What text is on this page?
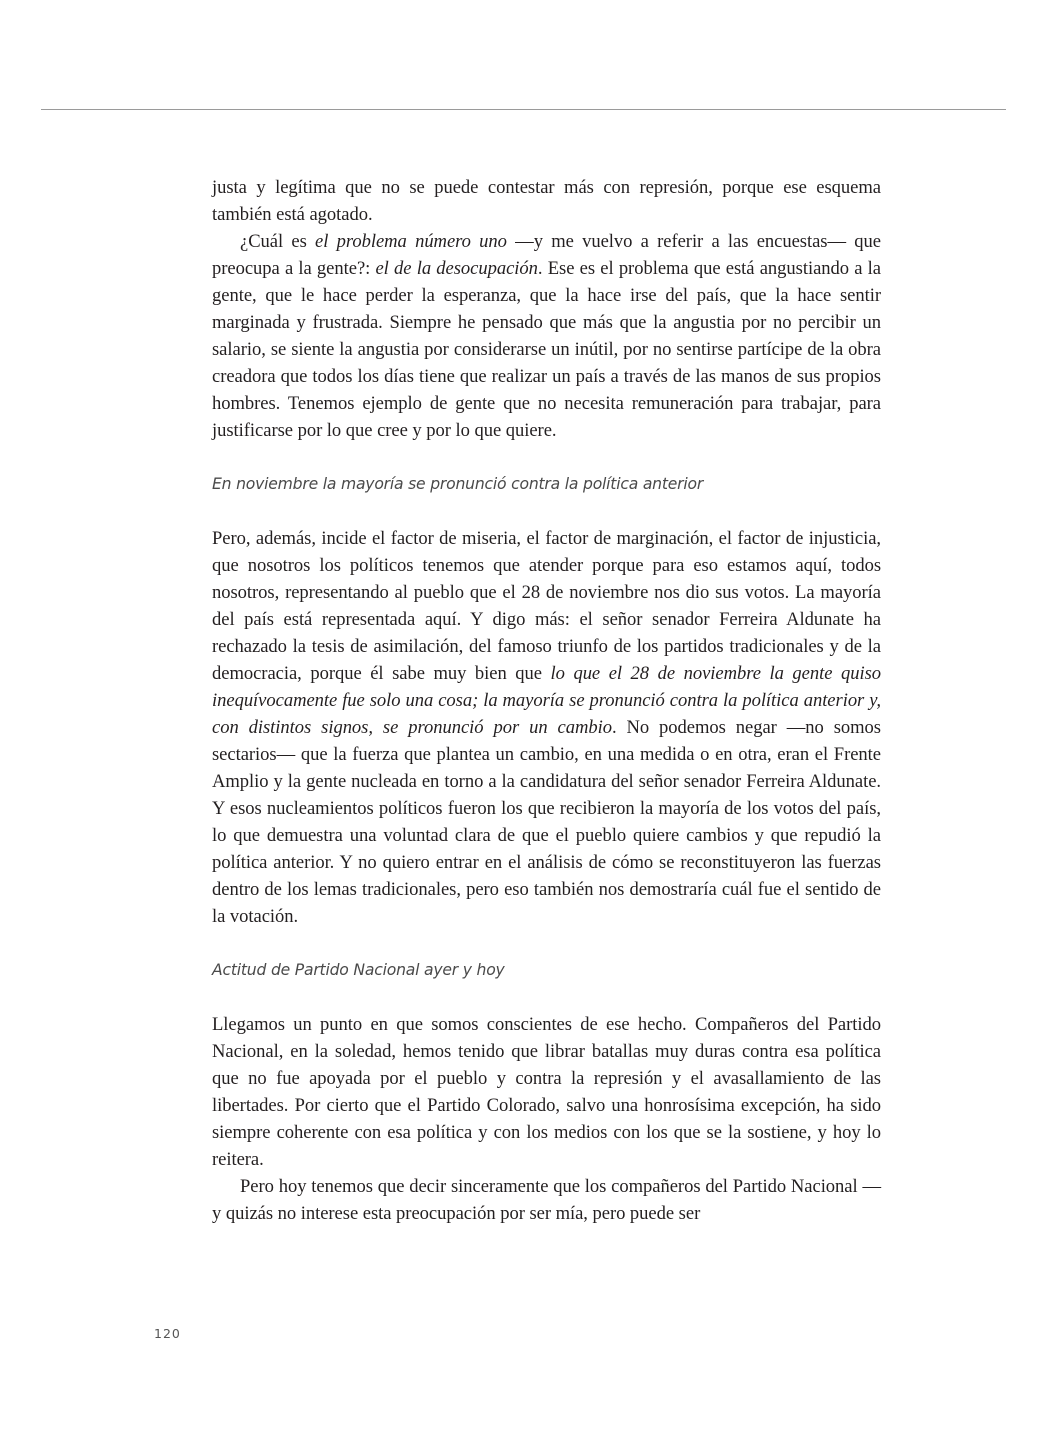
justa y legítima que no se puede contestar más con represión, porque ese esquema también está agotado.

¿Cuál es el problema número uno —y me vuelvo a referir a las encuestas— que preocupa a la gente?: el de la desocupación. Ese es el problema que está angustiando a la gente, que le hace perder la esperanza, que la hace irse del país, que la hace sentir marginada y frustrada. Siempre he pensado que más que la angustia por no percibir un salario, se siente la angustia por considerarse un inútil, por no sentirse partícipe de la obra creadora que todos los días tiene que realizar un país a través de las manos de sus propios hombres. Tenemos ejemplo de gente que no necesita remuneración para trabajar, para justificarse por lo que cree y por lo que quiere.

En noviembre la mayoría se pronunció contra la política anterior

Pero, además, incide el factor de miseria, el factor de marginación, el factor de injusticia, que nosotros los políticos tenemos que atender porque para eso estamos aquí, todos nosotros, representando al pueblo que el 28 de noviembre nos dio sus votos. La mayoría del país está representada aquí. Y digo más: el señor senador Ferreira Aldunate ha rechazado la tesis de asimilación, del famoso triunfo de los partidos tradicionales y de la democracia, porque él sabe muy bien que lo que el 28 de noviembre la gente quiso inequívocamente fue solo una cosa; la mayoría se pronunció contra la política anterior y, con distintos signos, se pronunció por un cambio. No podemos negar —no somos sectarios— que la fuerza que plantea un cambio, en una medida o en otra, eran el Frente Amplio y la gente nucleada en torno a la candidatura del señor senador Ferreira Aldunate. Y esos nucleamientos políticos fueron los que recibieron la mayoría de los votos del país, lo que demuestra una voluntad clara de que el pueblo quiere cambios y que repudió la política anterior. Y no quiero entrar en el análisis de cómo se reconstituyeron las fuerzas dentro de los lemas tradicionales, pero eso también nos demostraría cuál fue el sentido de la votación.

Actitud de Partido Nacional ayer y hoy

Llegamos un punto en que somos conscientes de ese hecho. Compañeros del Partido Nacional, en la soledad, hemos tenido que librar batallas muy duras contra esa política que no fue apoyada por el pueblo y contra la represión y el avasallamiento de las libertades. Por cierto que el Partido Colorado, salvo una honrosísima excepción, ha sido siempre coherente con esa política y con los medios con los que se la sostiene, y hoy lo reitera.

Pero hoy tenemos que decir sinceramente que los compañeros del Partido Nacional —y quizás no interese esta preocupación por ser mía, pero puede ser

120
